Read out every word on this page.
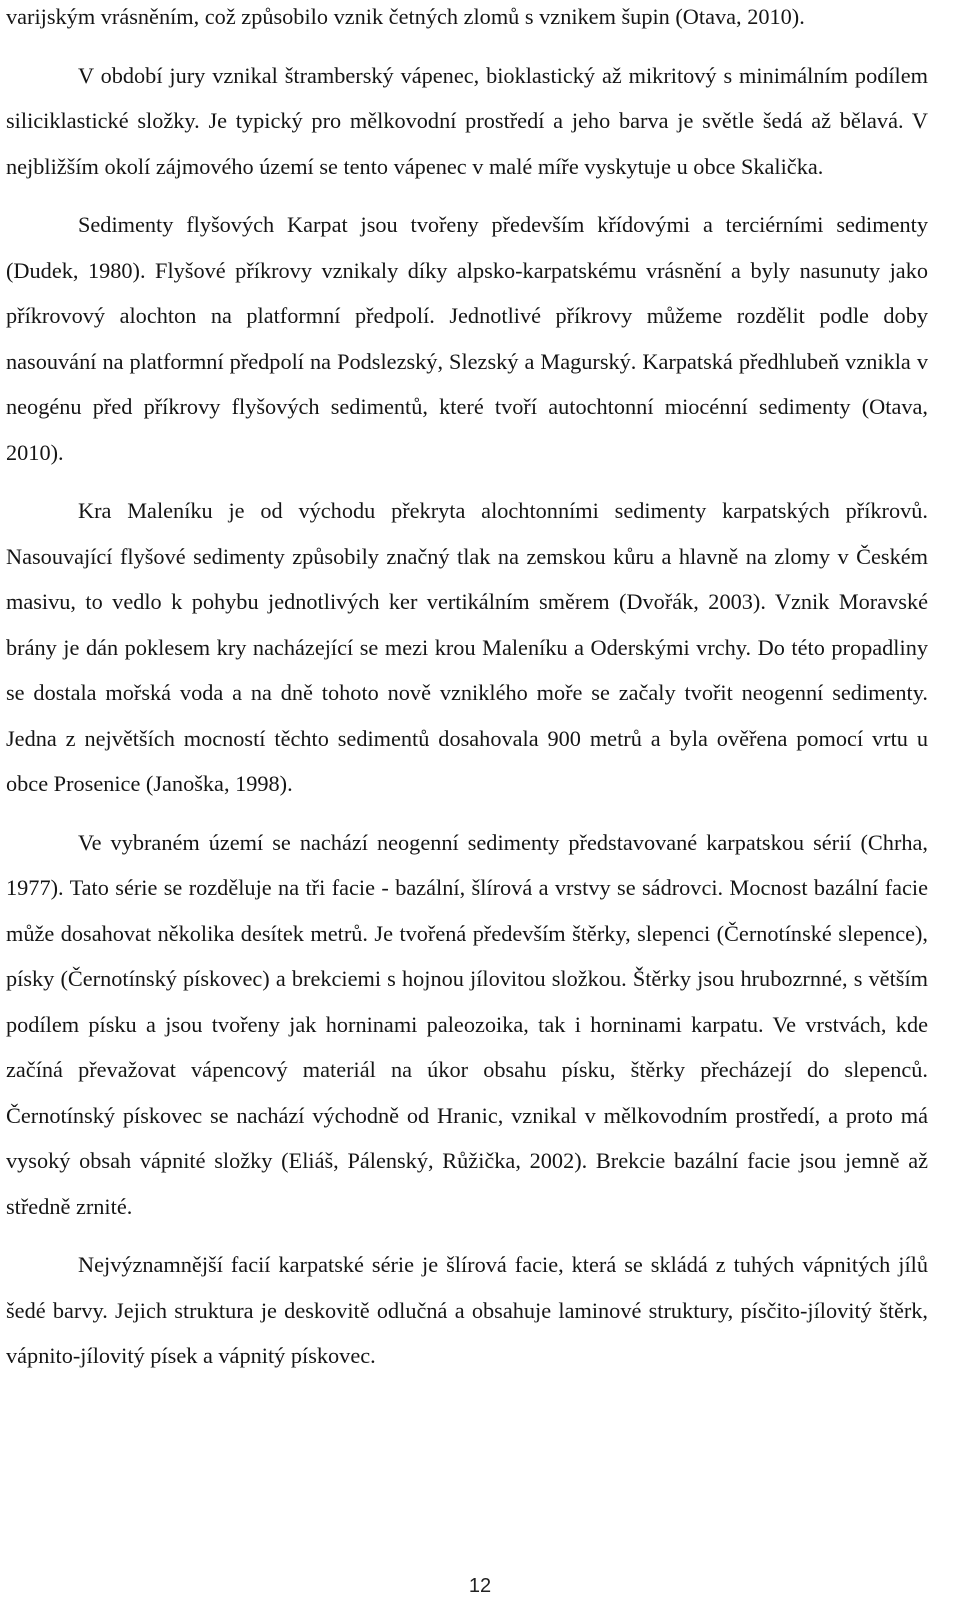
varijským vrásněním, což způsobilo vznik četných zlomů s vznikem šupin (Otava, 2010).

V období jury vznikal štramberský vápenec, bioklastický až mikritový s minimálním podílem siliciklastické složky. Je typický pro mělkovodní prostředí a jeho barva je světle šedá až bělavá. V nejbližším okolí zájmového území se tento vápenec v malé míře vyskytuje u obce Skalička.

Sedimenty flyšových Karpat jsou tvořeny především křídovými a terciérními sedimenty (Dudek, 1980). Flyšové příkrovy vznikaly díky alpsko-karpatskému vrásnění a byly nasunuty jako příkrovový alochton na platformní předpolí. Jednotlivé příkrovy můžeme rozdělit podle doby nasouvání na platformní předpolí na Podslezský, Slezský a Magurský. Karpatská předhlubeň vznikla v neogénu před příkrovy flyšových sedimentů, které tvoří autochtonní miocénní sedimenty (Otava, 2010).

Kra Maleníku je od východu překryta alochtonními sedimenty karpatských příkrovů. Nasouvající flyšové sedimenty způsobily značný tlak na zemskou kůru a hlavně na zlomy v Českém masivu, to vedlo k pohybu jednotlivých ker vertikálním směrem (Dvořák, 2003). Vznik Moravské brány je dán poklesem kry nacházející se mezi krou Maleníku a Oderskými vrchy. Do této propadliny se dostala mořská voda a na dně tohoto nově vzniklého moře se začaly tvořit neogenní sedimenty. Jedna z největších mocností těchto sedimentů dosahovala 900 metrů a byla ověřena pomocí vrtu u obce Prosenice (Janoška, 1998).

Ve vybraném území se nachází neogenní sedimenty představované karpatskou sérií (Chrha, 1977). Tato série se rozděluje na tři facie - bazální, šlírová a vrstvy se sádrovci. Mocnost bazální facie může dosahovat několika desítek metrů. Je tvořená především štěrky, slepenci (Černotínské slepence), písky (Černotínský pískovec) a brekciemi s hojnou jílovitou složkou. Štěrky jsou hrubozrnné, s větším podílem písku a jsou tvořeny jak horninami paleozoika, tak i horninami karpatu. Ve vrstvách, kde začíná převažovat vápencový materiál na úkor obsahu písku, štěrky přecházejí do slepenců. Černotínský pískovec se nachází východně od Hranic, vznikal v mělkovodním prostředí, a proto má vysoký obsah vápnité složky (Eliáš, Pálenský, Růžička, 2002). Brekcie bazální facie jsou jemně až středně zrnité.

Nejvýznamnější facií karpatské série je šlírová facie, která se skládá z tuhých vápnitých jílů šedé barvy. Jejich struktura je deskovitě odlučná a obsahuje laminové struktury, písčito-jílovitý štěrk, vápnito-jílovitý písek a vápnitý pískovec.

12
